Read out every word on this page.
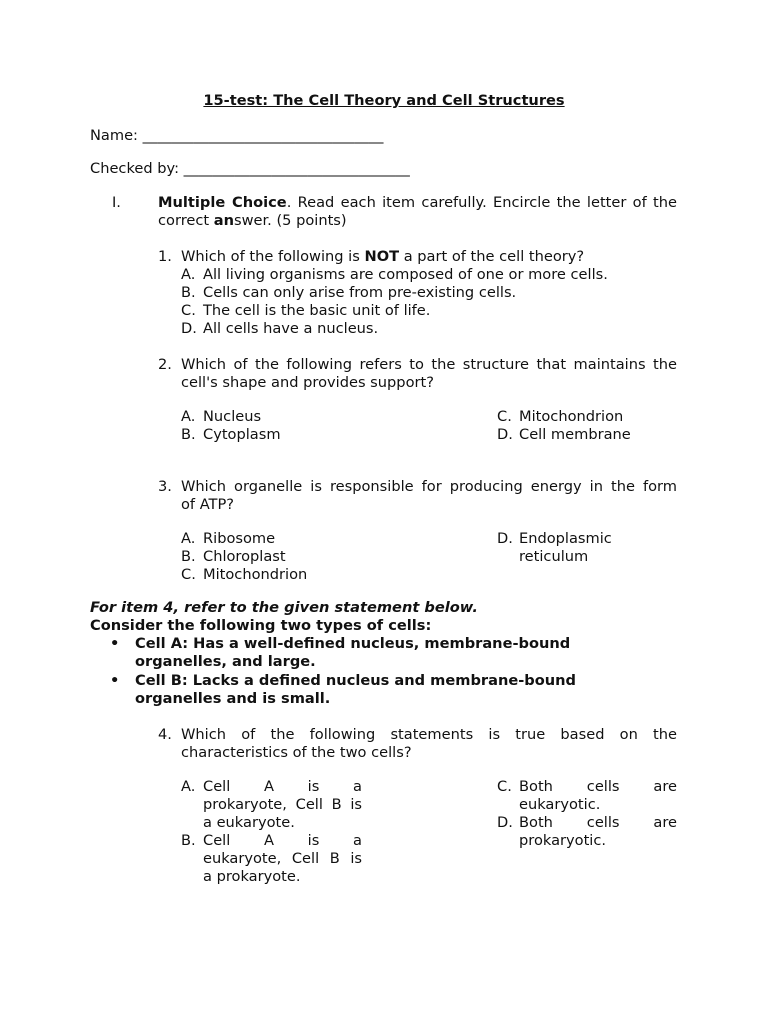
15-test: The Cell Theory and Cell Structures
Name: _________________________________
Checked by: _______________________________
I.	Multiple Choice. Read each item carefully. Encircle the letter of the
correct answer. (5 points)
1. Which of the following is NOT a part of the cell theory?
A. All living organisms are composed of one or more cells.
B. Cells can only arise from pre-existing cells.
C. The cell is the basic unit of life.
D. All cells have a nucleus.
2. Which of the following refers to the structure that maintains the
cell's shape and provides support?
A. Nucleus
B. Cytoplasm
C. Mitochondrion
D. Cell membrane
3. Which organelle is responsible for producing energy in the form
of ATP?
A. Ribosome
B. Chloroplast
C. Mitochondrion
D. Endoplasmic
reticulum
For item 4, refer to the given statement below.
Consider the following two types of cells:
• Cell A: Has a well-defined nucleus, membrane-bound
organelles, and large.
• Cell B: Lacks a defined nucleus and membrane-bound
organelles and is small.
4. Which of the following statements is true based on the
characteristics of the two cells?
A. Cell A is a
prokaryote, Cell B is
a eukaryote.
B. Cell A is a
eukaryote, Cell B is
a prokaryote.
C. Both cells are
eukaryotic.
D. Both cells are
prokaryotic.
